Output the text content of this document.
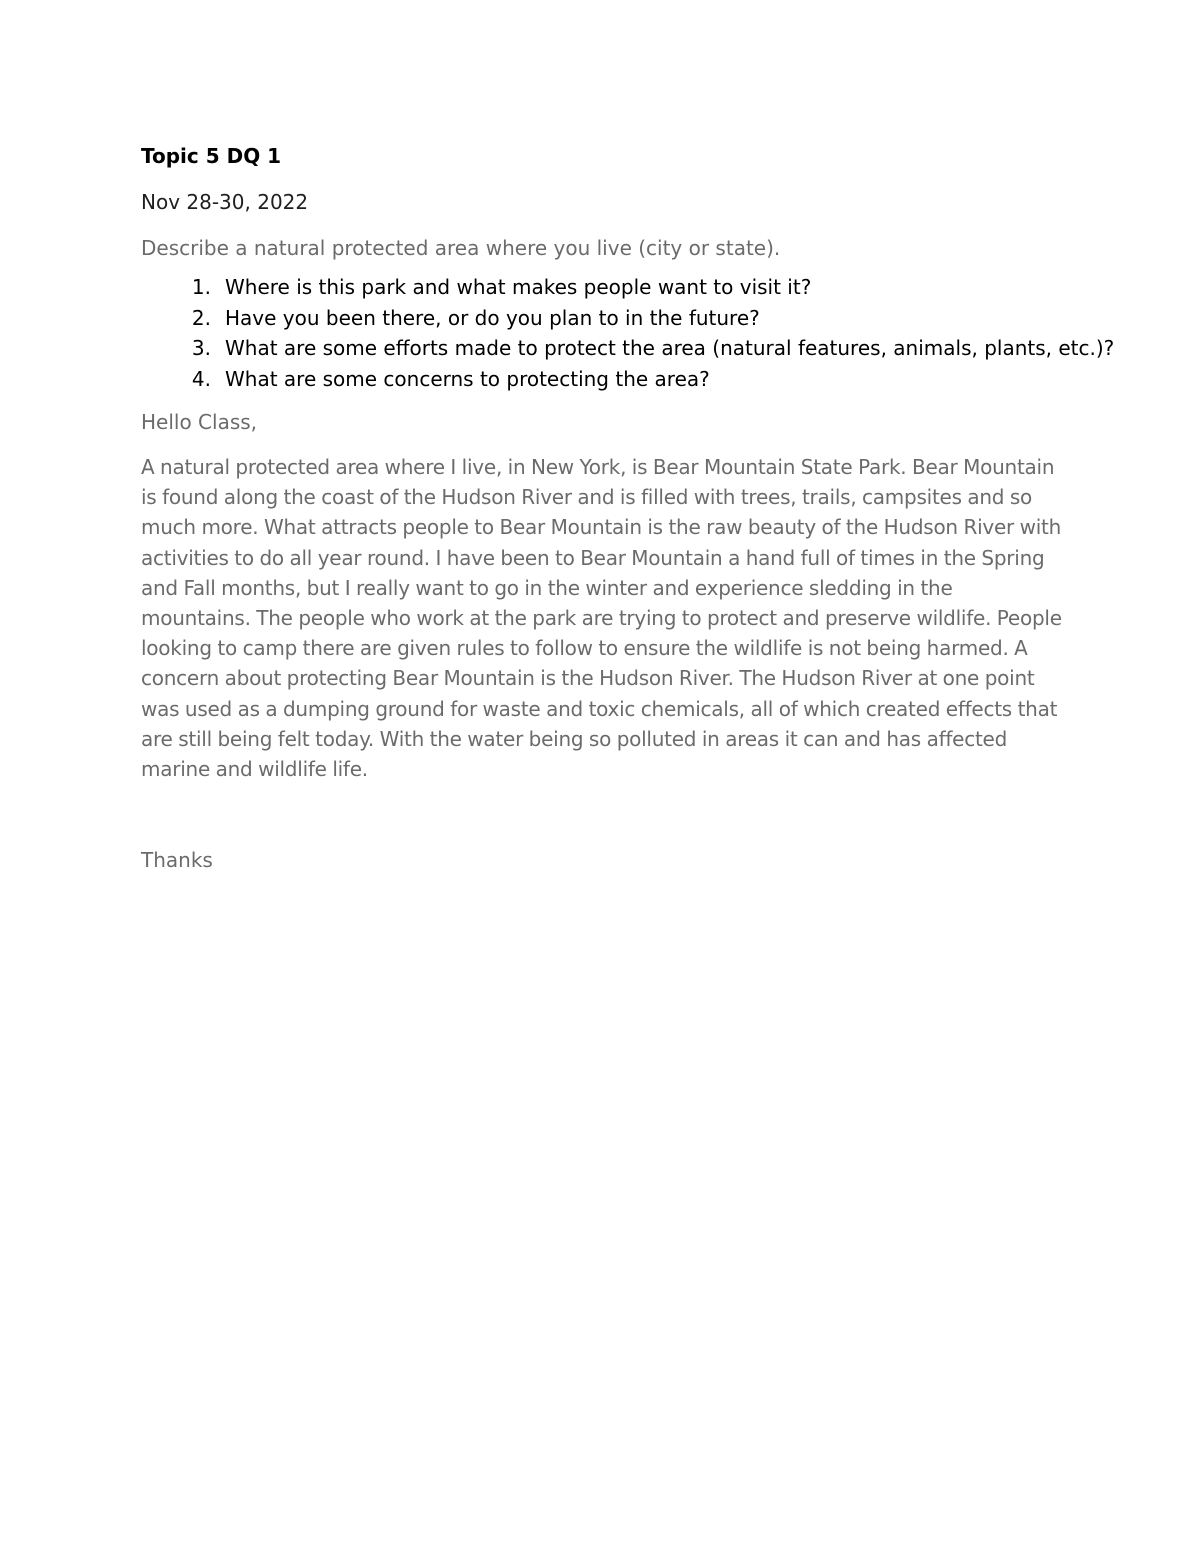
Topic 5 DQ 1
Nov 28-30, 2022
Describe a natural protected area where you live (city or state).
1. Where is this park and what makes people want to visit it?
2. Have you been there, or do you plan to in the future?
3. What are some efforts made to protect the area (natural features, animals, plants, etc.)?
4. What are some concerns to protecting the area?
Hello Class,

A natural protected area where I live, in New York, is Bear Mountain State Park. Bear Mountain is found along the coast of the Hudson River and is filled with trees, trails, campsites and so much more. What attracts people to Bear Mountain is the raw beauty of the Hudson River with activities to do all year round. I have been to Bear Mountain a hand full of times in the Spring and Fall months, but I really want to go in the winter and experience sledding in the mountains. The people who work at the park are trying to protect and preserve wildlife. People looking to camp there are given rules to follow to ensure the wildlife is not being harmed. A concern about protecting Bear Mountain is the Hudson River. The Hudson River at one point was used as a dumping ground for waste and toxic chemicals, all of which created effects that are still being felt today. With the water being so polluted in areas it can and has affected marine and wildlife life.

Thanks
